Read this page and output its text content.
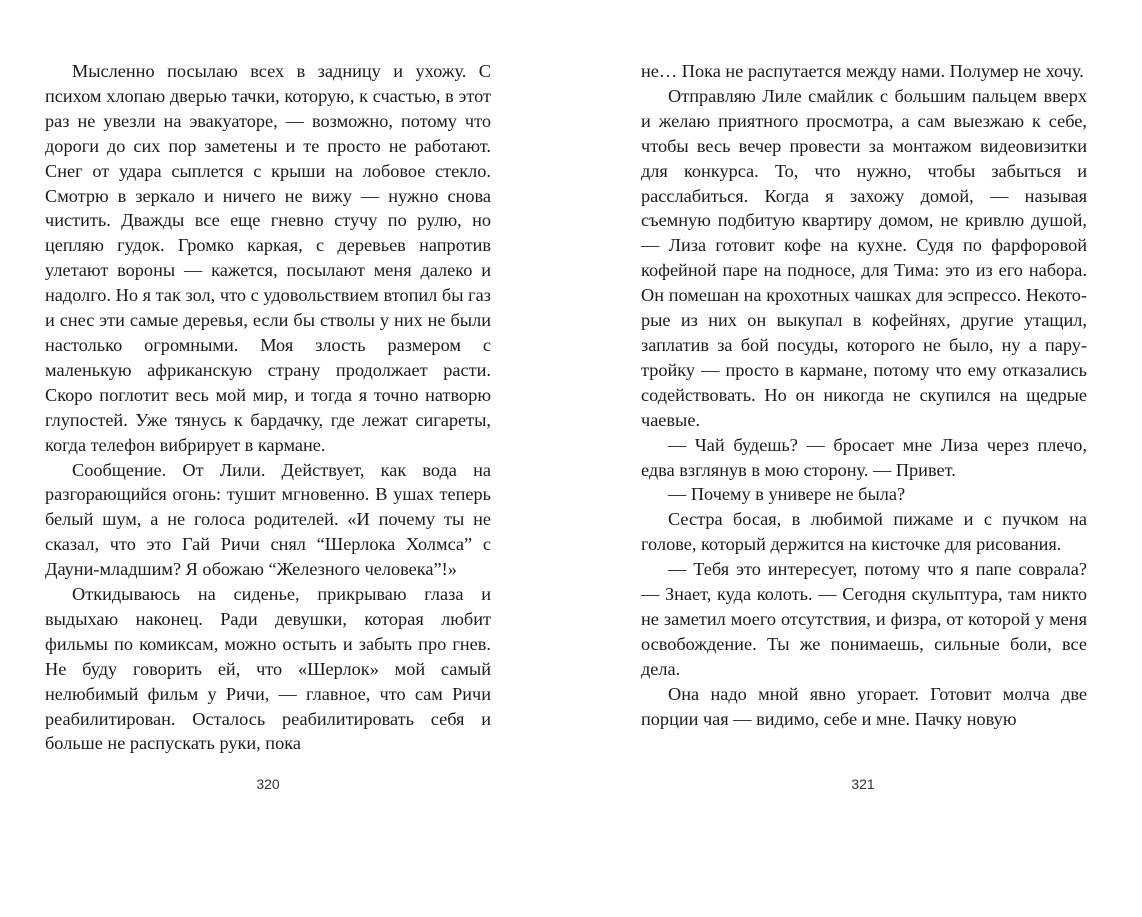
Мысленно посылаю всех в задницу и ухожу. С психом хлопаю дверью тачки, которую, к счастью, в этот раз не увезли на эвакуаторе, — возможно, потому что дороги до сих пор заметены и те просто не работают. Снег от удара сыплется с крыши на лобовое стекло. Смотрю в зеркало и ничего не вижу — нужно снова чистить. Дважды все еще гневно стучу по рулю, но цепляю гудок. Громко каркая, с деревьев напротив улетают вороны — кажется, посылают меня далеко и надолго. Но я так зол, что с удовольствием втопил бы газ и снес эти самые деревья, если бы стволы у них не были настолько огромными. Моя злость размером с маленькую африканскую страну продолжает расти. Скоро поглотит весь мой мир, и тогда я точно натворю глупостей. Уже тянусь к бардачку, где лежат сигареты, когда телефон вибрирует в кармане.

Сообщение. От Лили. Действует, как вода на разгорающийся огонь: тушит мгновенно. В ушах теперь белый шум, а не голоса родителей. «И почему ты не сказал, что это Гай Ричи снял “Шерлока Холмса” с Дауни-младшим? Я обожаю “Железного человека”!»

Откидываюсь на сиденье, прикрываю глаза и выдыхаю наконец. Ради девушки, которая любит фильмы по комиксам, можно остыть и забыть про гнев. Не буду говорить ей, что «Шерлок» мой самый нелюбимый фильм у Ричи, — главное, что сам Ричи реабилитирован. Осталось реабилитировать себя и больше не распускать руки, пока

не… Пока не распутается между нами. Полумер не хочу.

Отправляю Лиле смайлик с большим пальцем вверх и желаю приятного просмотра, а сам выезжаю к себе, чтобы весь вечер провести за монтажом видеовизитки для конкурса. То, что нужно, чтобы забыться и расслабиться. Когда я захожу домой, — называя съемную подбитую квартиру домом, не кривлю душой, — Лиза готовит кофе на кухне. Судя по фарфоровой кофейной паре на подносе, для Тима: это из его набора. Он помешан на крохотных чашках для эспрессо. Некоторые из них он выкупал в кофейнях, другие утащил, заплатив за бой посуды, которого не было, ну а пару-тройку — просто в кармане, потому что ему отказались содействовать. Но он никогда не скупился на щедрые чаевые.

— Чай будешь? — бросает мне Лиза через плечо, едва взглянув в мою сторону. — Привет.

— Почему в универе не была?

Сестра босая, в любимой пижаме и с пучком на голове, который держится на кисточке для рисования.

— Тебя это интересует, потому что я папе соврала? — Знает, куда колоть. — Сегодня скульптура, там никто не заметил моего отсутствия, и физра, от которой у меня освобождение. Ты же понимаешь, сильные боли, все дела.

Она надо мной явно угорает. Готовит молча две порции чая — видимо, себе и мне. Пачку новую

320	321
